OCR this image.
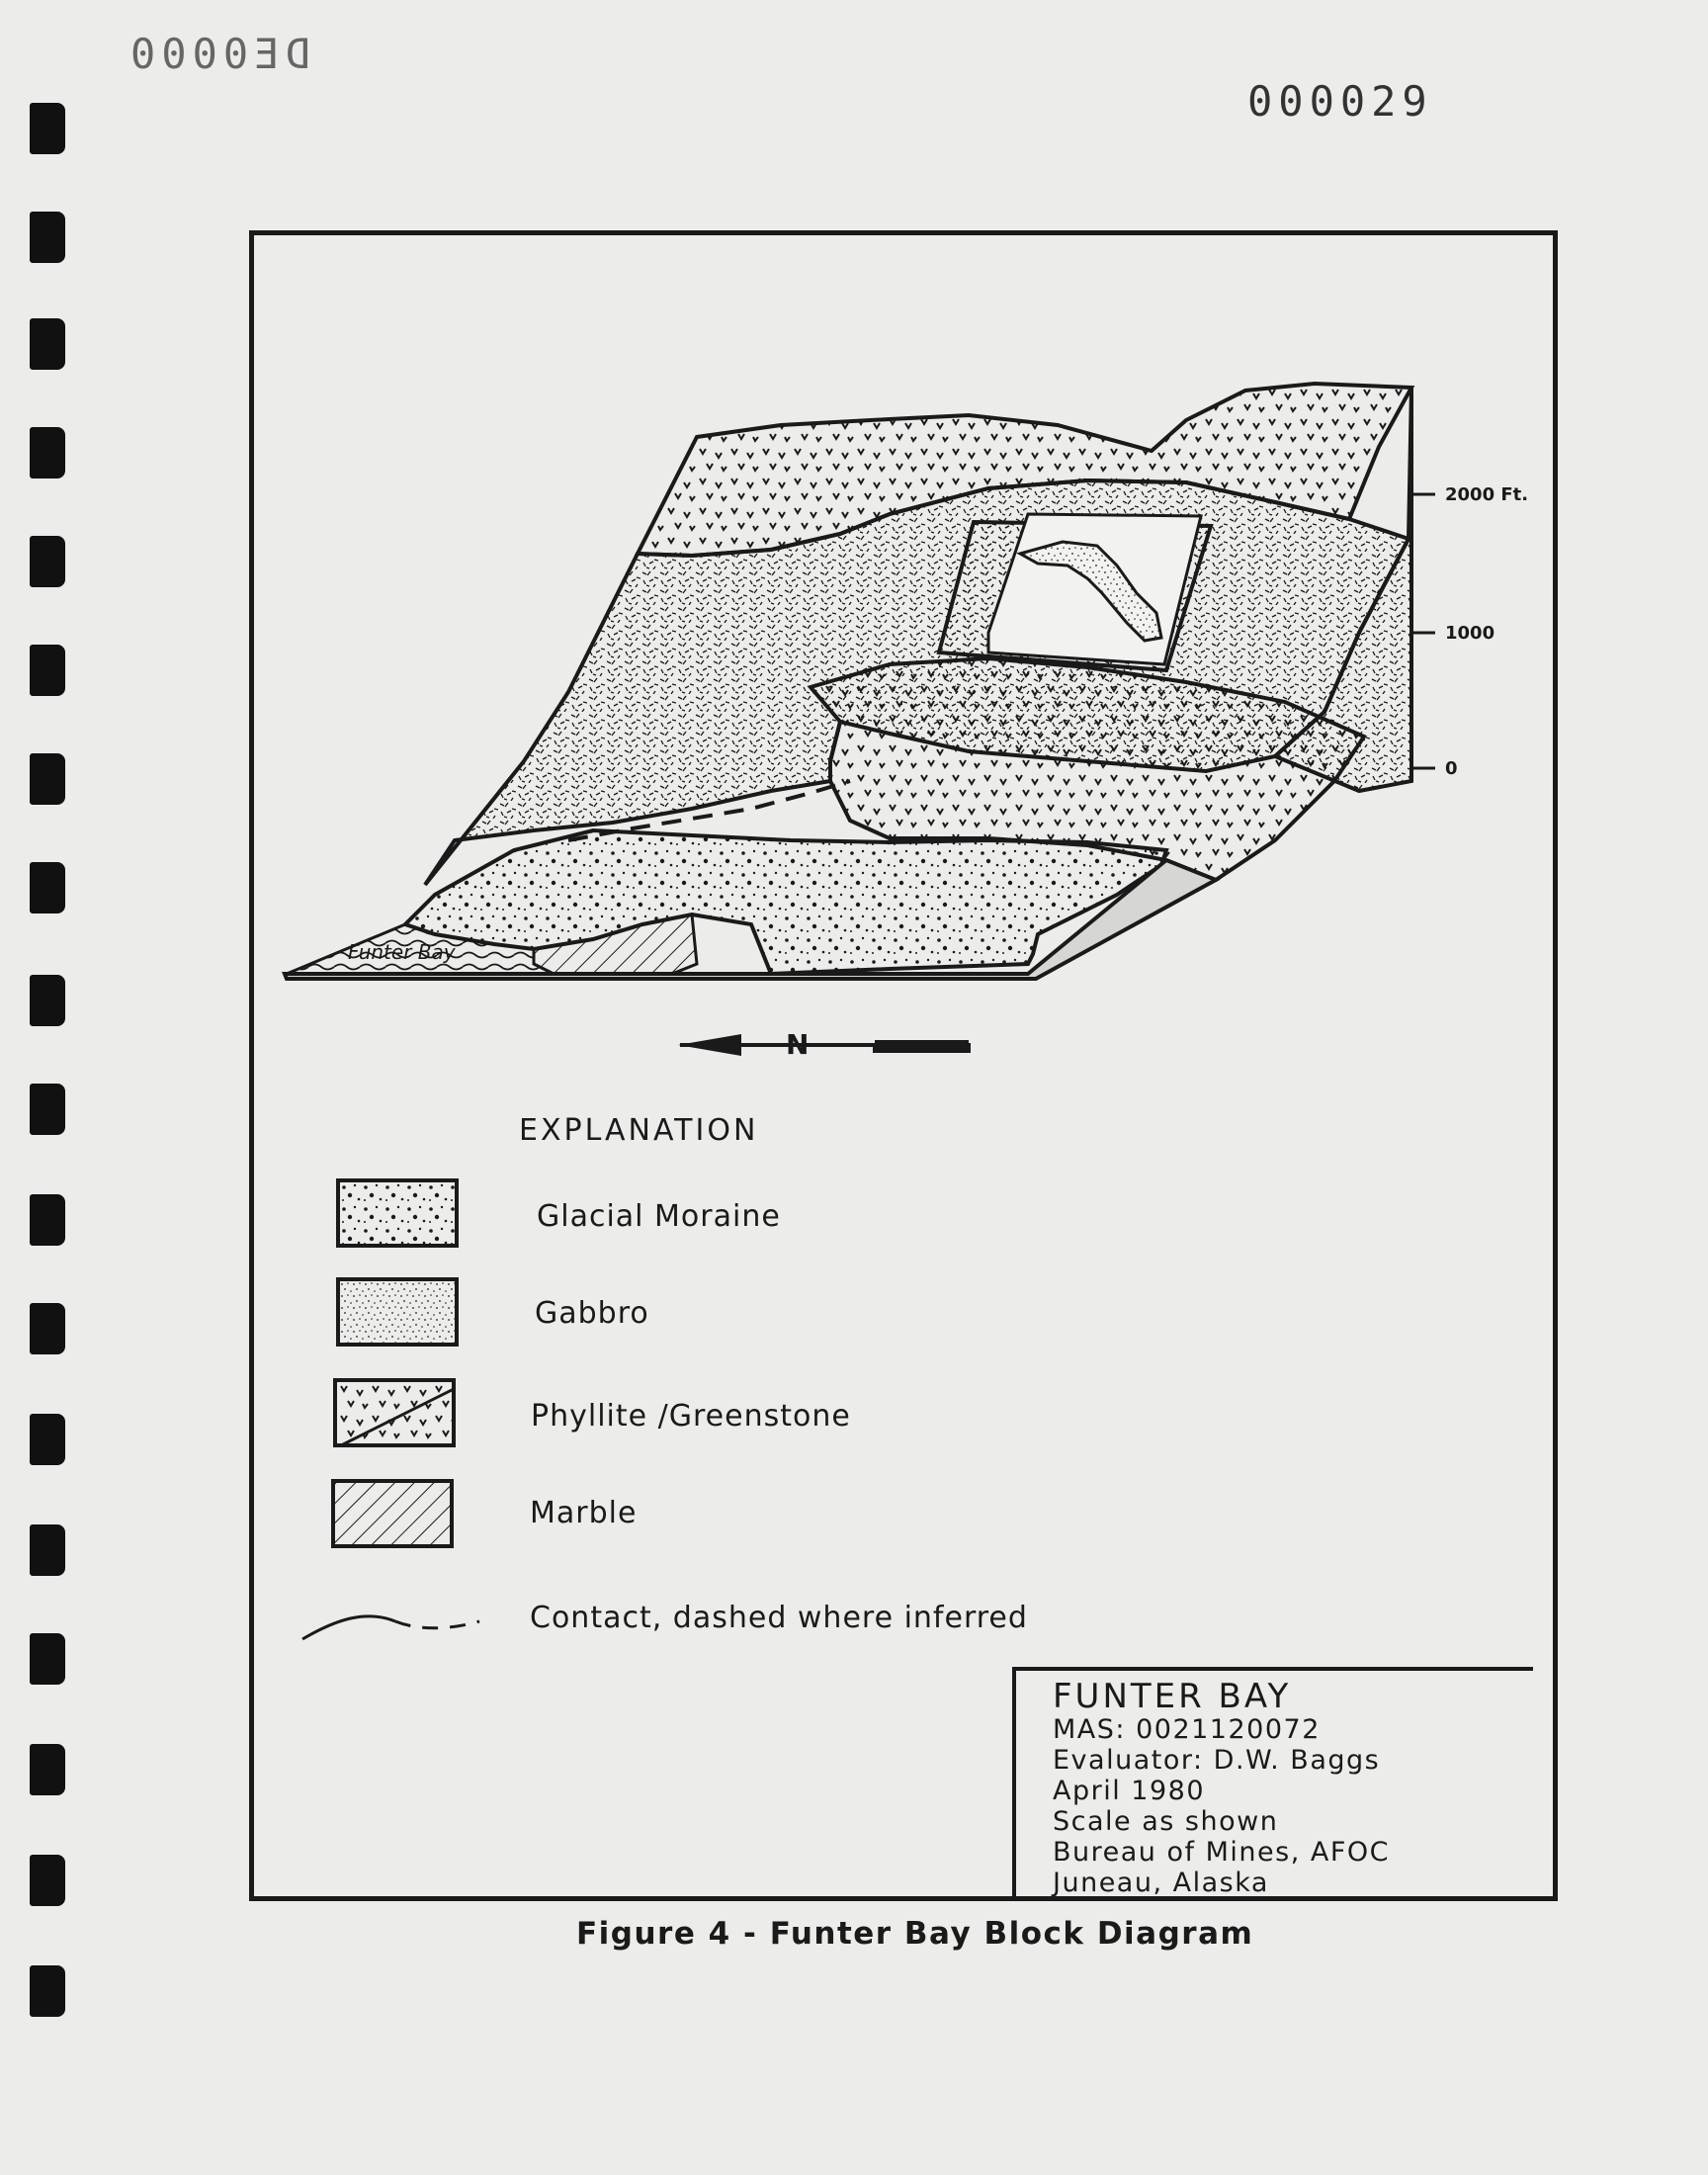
DE0000
000029
N
Funter Bay
2000 Ft.
1000
0
EXPLANATION
Glacial Moraine
Gabbro
Phyllite /Greenstone
Marble
Contact, dashed where inferred
FUNTER BAY
MAS: 0021120072
Evaluator: D.W. Baggs
April 1980
Scale as shown
Bureau of Mines, AFOC
Juneau, Alaska
Figure 4 - Funter Bay Block Diagram
